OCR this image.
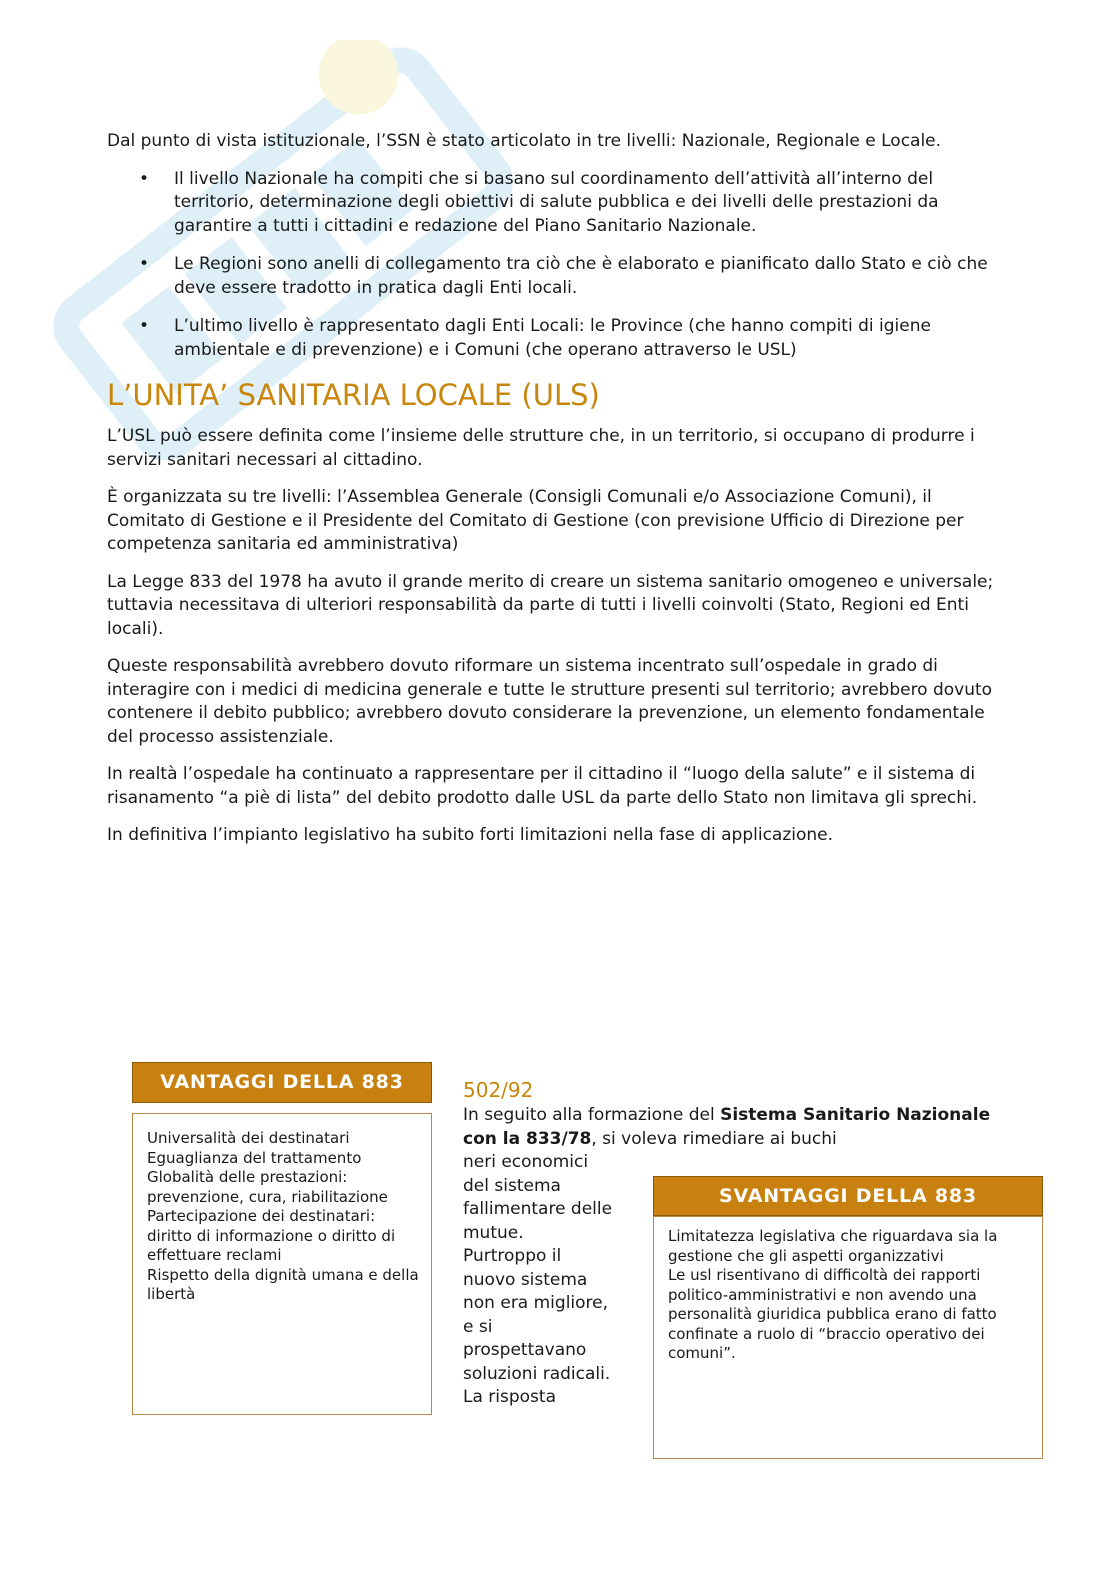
Dal punto di vista istituzionale, l’SSN è stato articolato in tre livelli: Nazionale, Regionale e Locale.

• Il livello Nazionale ha compiti che si basano sul coordinamento dell’attività all’interno del territorio, determinazione degli obiettivi di salute pubblica e dei livelli delle prestazioni da garantire a tutti i cittadini e redazione del Piano Sanitario Nazionale.
• Le Regioni sono anelli di collegamento tra ciò che è elaborato e pianificato dallo Stato e ciò che deve essere tradotto in pratica dagli Enti locali.
• L’ultimo livello è rappresentato dagli Enti Locali: le Province (che hanno compiti di igiene ambientale e di prevenzione) e i Comuni (che operano attraverso le USL)
L’UNITA’ SANITARIA LOCALE (ULS)

L’USL può essere definita come l’insieme delle strutture che, in un territorio, si occupano di produrre i servizi sanitari necessari al cittadino.

È organizzata su tre livelli: l’Assemblea Generale (Consigli Comunali e/o Associazione Comuni), il Comitato di Gestione e il Presidente del Comitato di Gestione (con previsione Ufficio di Direzione per competenza sanitaria ed amministrativa)

La Legge 833 del 1978 ha avuto il grande merito di creare un sistema sanitario omogeneo e universale; tuttavia necessitava di ulteriori responsabilità da parte di tutti i livelli coinvolti (Stato, Regioni ed Enti locali).

Queste responsabilità avrebbero dovuto riformare un sistema incentrato sull’ospedale in grado di interagire con i medici di medicina generale e tutte le strutture presenti sul territorio; avrebbero dovuto contenere il debito pubblico; avrebbero dovuto considerare la prevenzione, un elemento fondamentale del processo assistenziale.

In realtà l’ospedale ha continuato a rappresentare per il cittadino il “luogo della salute” e il sistema di risanamento “a piè di lista” del debito prodotto dalle USL da parte dello Stato non limitava gli sprechi.

In definitiva l’impianto legislativo ha subito forti limitazioni nella fase di applicazione.

VANTAGGI DELLA 883
Universalità dei destinatari
Eguaglianza del trattamento
Globalità delle prestazioni: prevenzione, cura, riabilitazione
Partecipazione dei destinatari: diritto di informazione o diritto di effettuare reclami
Rispetto della dignità umana e della libertà
502/92
In seguito alla formazione del Sistema Sanitario Nazionale con la 833/78, si voleva rimediare ai buchi
neri economici
del sistema
fallimentare delle
mutue.
Purtroppo il
nuovo sistema
non era migliore,
e si
prospettavano
soluzioni radicali.
La risposta
SVANTAGGI DELLA 883
Limitatezza legislativa che riguardava sia la gestione che gli aspetti organizzativi
Le usl risentivano di difficoltà dei rapporti politico-amministrativi e non avendo una personalità giuridica pubblica erano di fatto confinate a ruolo di “braccio operativo dei comuni”.
